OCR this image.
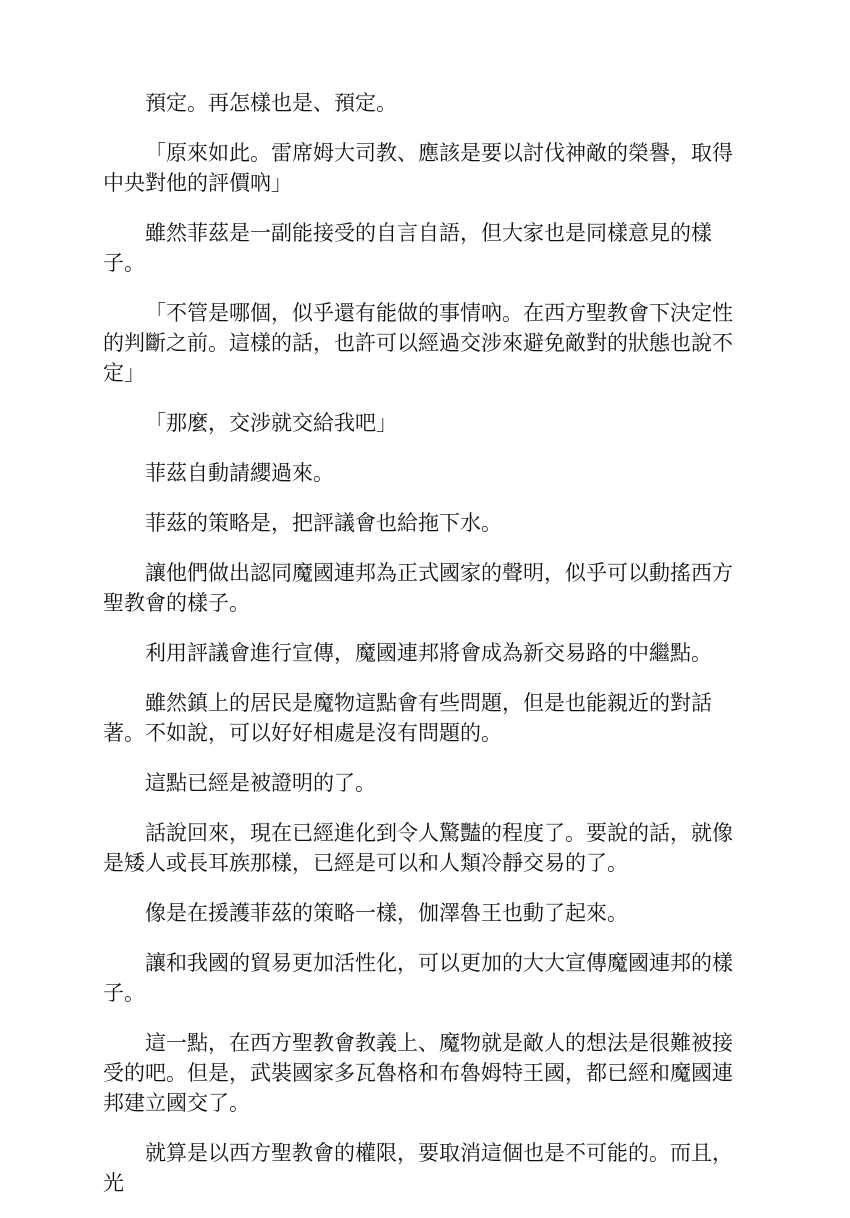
預定。再怎樣也是、預定。

「原來如此。雷席姆大司教、應該是要以討伐神敵的榮譽，取得中央對他的評價吶」

雖然菲茲是一副能接受的自言自語，但大家也是同樣意見的樣子。

「不管是哪個，似乎還有能做的事情吶。在西方聖教會下決定性的判斷之前。這樣的話，也許可以經過交涉來避免敵對的狀態也說不定」

「那麼，交涉就交給我吧」

菲茲自動請纓過來。

菲茲的策略是，把評議會也給拖下水。

讓他們做出認同魔國連邦為正式國家的聲明，似乎可以動搖西方聖教會的樣子。

利用評議會進行宣傳，魔國連邦將會成為新交易路的中繼點。

雖然鎮上的居民是魔物這點會有些問題，但是也能親近的對話著。不如說，可以好好相處是沒有問題的。

這點已經是被證明的了。

話說回來，現在已經進化到令人驚豔的程度了。要說的話，就像是矮人或長耳族那樣，已經是可以和人類冷靜交易的了。

像是在援護菲茲的策略一樣，伽澤魯王也動了起來。

讓和我國的貿易更加活性化，可以更加的大大宣傳魔國連邦的樣子。

這一點，在西方聖教會教義上、魔物就是敵人的想法是很難被接受的吧。但是，武裝國家多瓦魯格和布魯姆特王國，都已經和魔國連邦建立國交了。

就算是以西方聖教會的權限，要取消這個也是不可能的。而且，光
